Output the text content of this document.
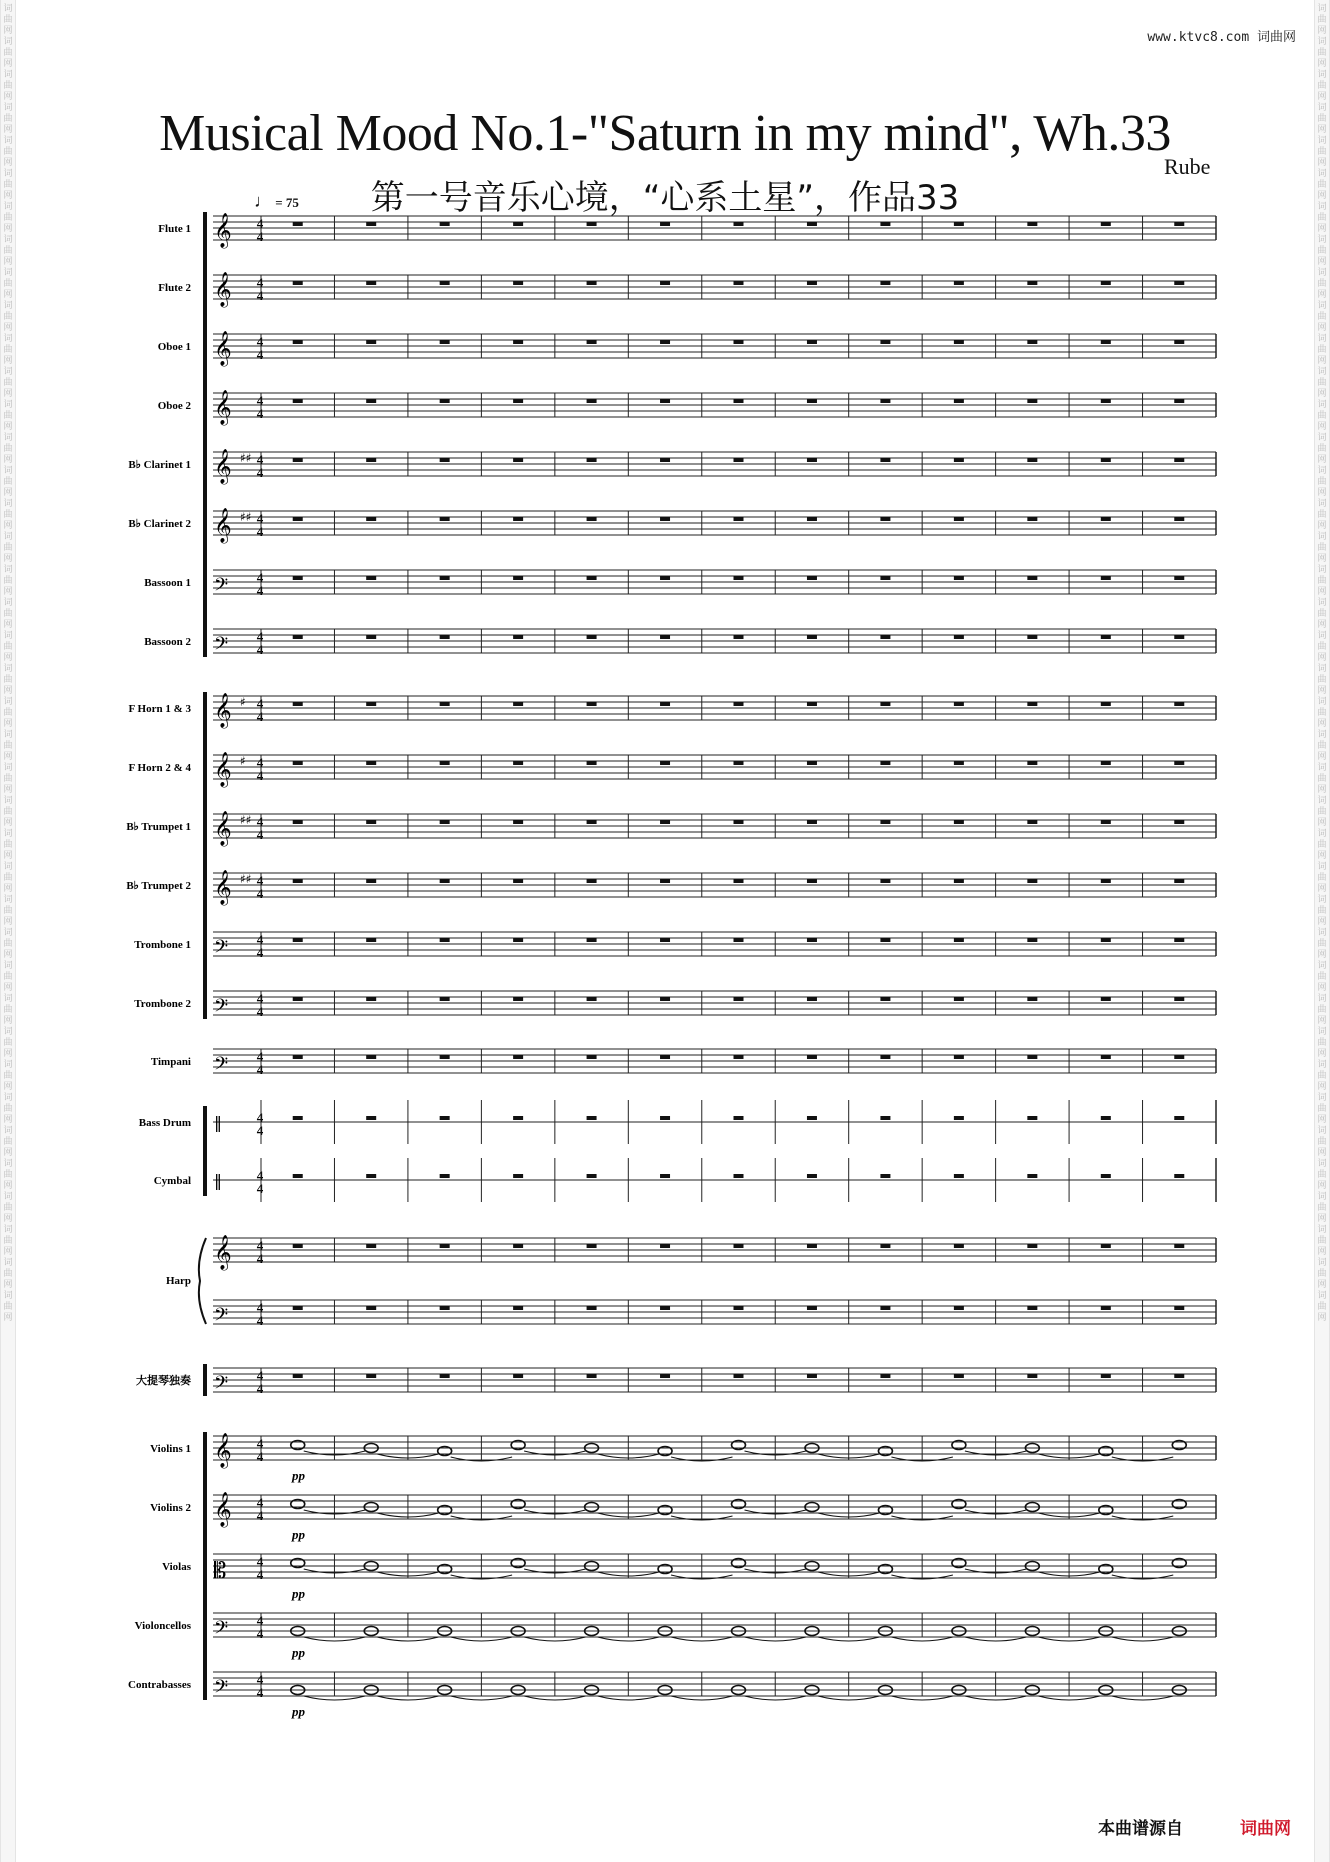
词曲网词曲网词曲网词曲网词曲网词曲网词曲网词曲网词曲网词曲网词曲网词曲网词曲网词曲网词曲网词曲网词曲网词曲网词曲网词曲网词曲网词曲网词曲网词曲网词曲网词曲网词曲网词曲网词曲网词曲网词曲网词曲网词曲网词曲网词曲网词曲网词曲网词曲网词曲网词曲网
词曲网词曲网词曲网词曲网词曲网词曲网词曲网词曲网词曲网词曲网词曲网词曲网词曲网词曲网词曲网词曲网词曲网词曲网词曲网词曲网词曲网词曲网词曲网词曲网词曲网词曲网词曲网词曲网词曲网词曲网词曲网词曲网词曲网词曲网词曲网词曲网词曲网词曲网词曲网词曲网
www.ktvc8.com 词曲网
Musical Mood No.1-"Saturn in my mind", Wh.33
Rube
第一号音乐心境，“心系土星”，作品33
♩ = 75
Flute 1 𝄞 4
4
Flute 2 𝄞 4
4
Oboe 1 𝄞 4
4
Oboe 2 𝄞 4
4
B♭ Clarinet 1 𝄞 ♯♯ 4
4
B♭ Clarinet 2 𝄞 ♯♯ 4
4
Bassoon 1 𝄢 4
4
Bassoon 2 𝄢 4
4
F Horn 1 & 3 𝄞 ♯ 4
4
F Horn 2 & 4 𝄞 ♯ 4
4
B♭ Trumpet 1 𝄞 ♯♯ 4
4
B♭ Trumpet 2 𝄞 ♯♯ 4
4
Trombone 1 𝄢 4
4
Trombone 2 𝄢 4
4
Timpani 𝄢 4
4
Bass Drum ‖	4
4
Cymbal ‖	4
4
Harp
𝄞 4
4
𝄢 4
4
大提琴独奏 𝄢 4
4
Violins 1 𝄞 4
4
pp
Violins 2 𝄞 4
4
pp
Violas 𝄡 4
4
pp
Violoncellos 𝄢 4
4
pp
Contrabasses 𝄢 4
4
pp
本曲谱源自	词曲网
